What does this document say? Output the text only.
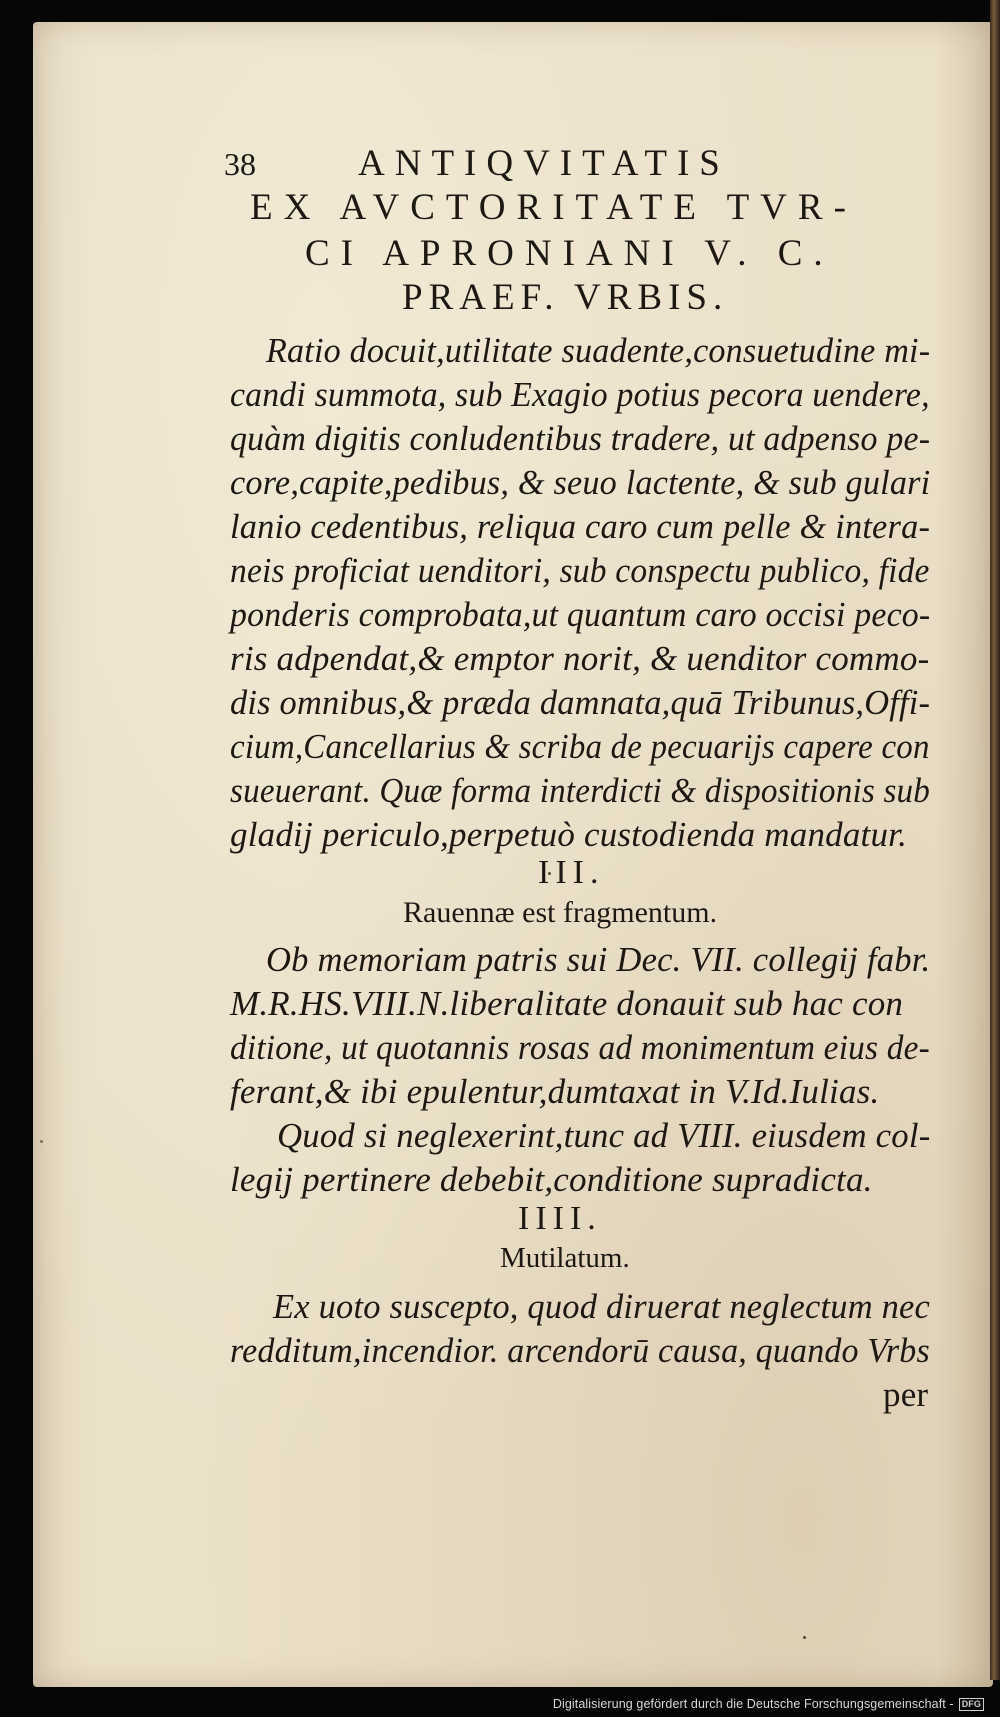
38	ANTIQVITATIS
EX AVCTORITATE TVR-
CI APRONIANI V. C.
PRAEF. VRBIS.
Ratio docuit,utilitate suadente,consuetudine mi-
candi summota, sub Exagio potius pecora uendere,
quàm digitis conludentibus tradere, ut adpenso pe-
core,capite,pedibus, & seuo lactente, & sub gulari
lanio cedentibus, reliqua caro cum pelle & intera-
neis proficiat uenditori, sub conspectu publico, fide
ponderis comprobata,ut quantum caro occisi peco-
ris adpendat,& emptor norit, & uenditor commo-
dis omnibus,& præda damnata,quā Tribunus,Offi-
cium,Cancellarius & scriba de pecuarijs capere con
sueuerant. Quæ forma interdicti & dispositionis sub
gladij periculo,perpetuò custodienda mandatur.
III.
Rauennæ est fragmentum.
Ob memoriam patris sui Dec. VII. collegij fabr.
M.R.HS.VIII.N.liberalitate donauit sub hac con
ditione, ut quotannis rosas ad monimentum eius de-
ferant,& ibi epulentur,dumtaxat in V.Id.Iulias.
Quod si neglexerint,tunc ad VIII. eiusdem col-
legij pertinere debebit,conditione supradicta.
IIII.
Mutilatum.
Ex uoto suscepto, quod diruerat neglectum nec
redditum,incendior. arcendorū causa, quando Vrbs
per
Digitalisierung gefördert durch die Deutsche Forschungsgemeinschaft - DFG
